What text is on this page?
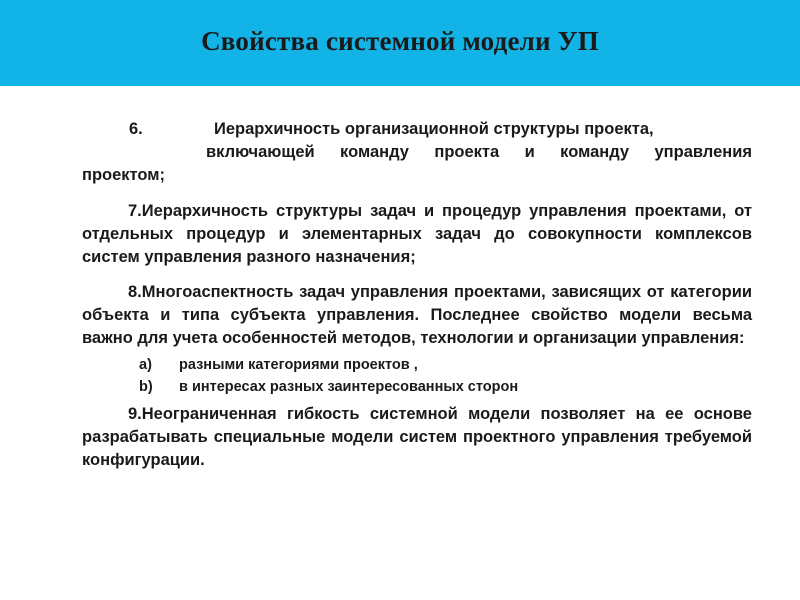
Свойства системной модели УП
6.	Иерархичность организационной структуры проекта,
включающей команду проекта и команду управления
проектом;

7.Иерархичность структуры задач и процедур управления проектами, от отдельных процедур и элементарных задач до совокупности комплексов систем управления разного назначения;

8.Многоаспектность задач управления проектами, зависящих от категории объекта и типа субъекта управления. Последнее свойство модели весьма важно для учета особенностей методов, технологии и организации управления:

a)	разными категориями проектов ,
b)	в интересах разных заинтересованных сторон

9.Неограниченная гибкость системной модели позволяет на ее основе разрабатывать специальные модели систем проектного управления требуемой конфигурации.
